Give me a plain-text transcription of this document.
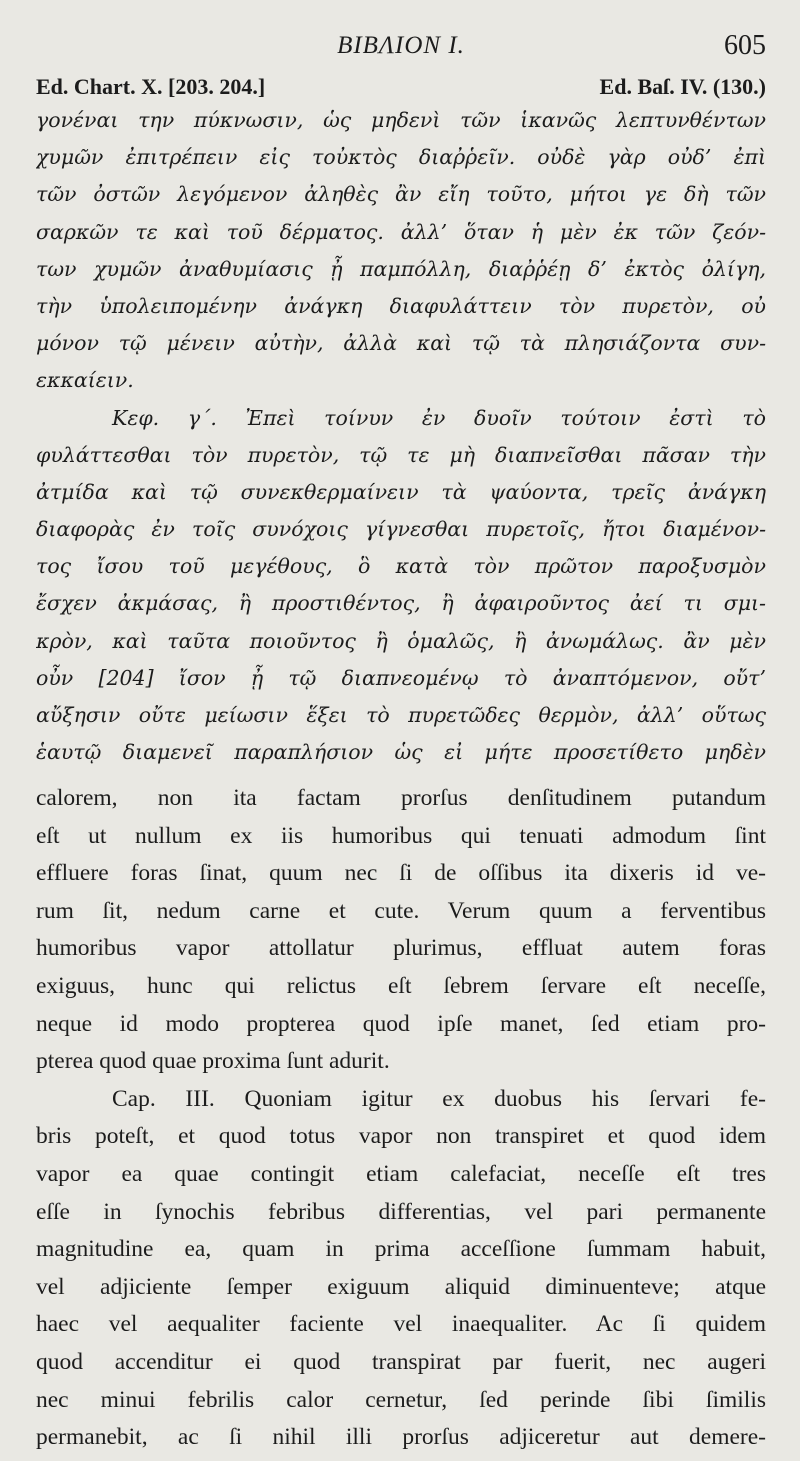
BIBΛION I.	605
Ed. Chart. X. [203. 204.]	Ed. Baſ. IV. (130.)
γονέναι την πύκνωσιν, ὡς μηδενὶ τῶν ἱκανῶς λεπτυνθέντων
χυμῶν ἐπιτρέπειν εἰς τοὐκτὸς διαῤῥεῖν. οὐδὲ γὰρ οὐδ’ ἐπὶ
τῶν ὀστῶν λεγόμενον ἀληθὲς ἂν εἴη τοῦτο, μήτοι γε δὴ τῶν
σαρκῶν τε καὶ τοῦ δέρματος. ἀλλ’ ὅταν ἡ μὲν ἐκ τῶν ζεόν-
των χυμῶν ἀναθυμίασις ᾖ παμπόλλη, διαῤῥέῃ δ’ ἐκτὸς ὀλίγη,
τὴν ὑπολειπομένην ἀνάγκη διαφυλάττειν τὸν πυρετὸν, οὐ
μόνον τῷ μένειν αὐτὴν, ἀλλὰ καὶ τῷ τὰ πλησιάζοντα συν-
εκκαίειν.
Κεφ. γ΄. Ἐπεὶ τοίνυν ἐν δυοῖν τούτοιν ἐστὶ τὸ
φυλάττεσθαι τὸν πυρετὸν, τῷ τε μὴ διαπνεῖσθαι πᾶσαν τὴν
ἀτμίδα καὶ τῷ συνεκθερμαίνειν τὰ ψαύοντα, τρεῖς ἀνάγκη
διαφορὰς ἐν τοῖς συνόχοις γίγνεσθαι πυρετοῖς, ἤτοι διαμένον-
τος ἴσου τοῦ μεγέθους, ὃ κατὰ τὸν πρῶτον παροξυσμὸν
ἔσχεν ἀκμάσας, ἢ προστιθέντος, ἢ ἀφαιροῦντος ἀεί τι σμι-
κρὸν, καὶ ταῦτα ποιοῦντος ἢ ὁμαλῶς, ἢ ἀνωμάλως. ἂν μὲν
οὖν [204] ἴσον ᾖ τῷ διαπνεομένῳ τὸ ἀναπτόμενον, οὔτ’
αὔξησιν οὔτε μείωσιν ἕξει τὸ πυρετῶδες θερμὸν, ἀλλ’ οὕτως
ἑαυτῷ διαμενεῖ παραπλήσιον ὡς εἰ μήτε προσετίθετο μηδὲν
calorem, non ita factam prorſus denſitudinem putandum
eſt ut nullum ex iis humoribus qui tenuati admodum ſint
effluere foras ſinat, quum nec ſi de oſſibus ita dixeris id ve-
rum ſit, nedum carne et cute. Verum quum a ferventibus
humoribus vapor attollatur plurimus, effluat autem foras
exiguus, hunc qui relictus eſt ſebrem ſervare eſt neceſſe,
neque id modo propterea quod ipſe manet, ſed etiam pro-
pterea quod quae proxima ſunt adurit.
Cap. III. Quoniam igitur ex duobus his ſervari fe-
bris poteſt, et quod totus vapor non transpiret et quod idem
vapor ea quae contingit etiam calefaciat, neceſſe eſt tres
eſſe in ſynochis febribus differentias, vel pari permanente
magnitudine ea, quam in prima acceſſione ſummam habuit,
vel adjiciente ſemper exiguum aliquid diminuenteve; atque
haec vel aequaliter faciente vel inaequaliter. Ac ſi quidem
quod accenditur ei quod transpirat par fuerit, nec augeri
nec minui febrilis calor cernetur, ſed perinde ſibi ſimilis
permanebit, ac ſi nihil illi prorſus adjiceretur aut demere-
